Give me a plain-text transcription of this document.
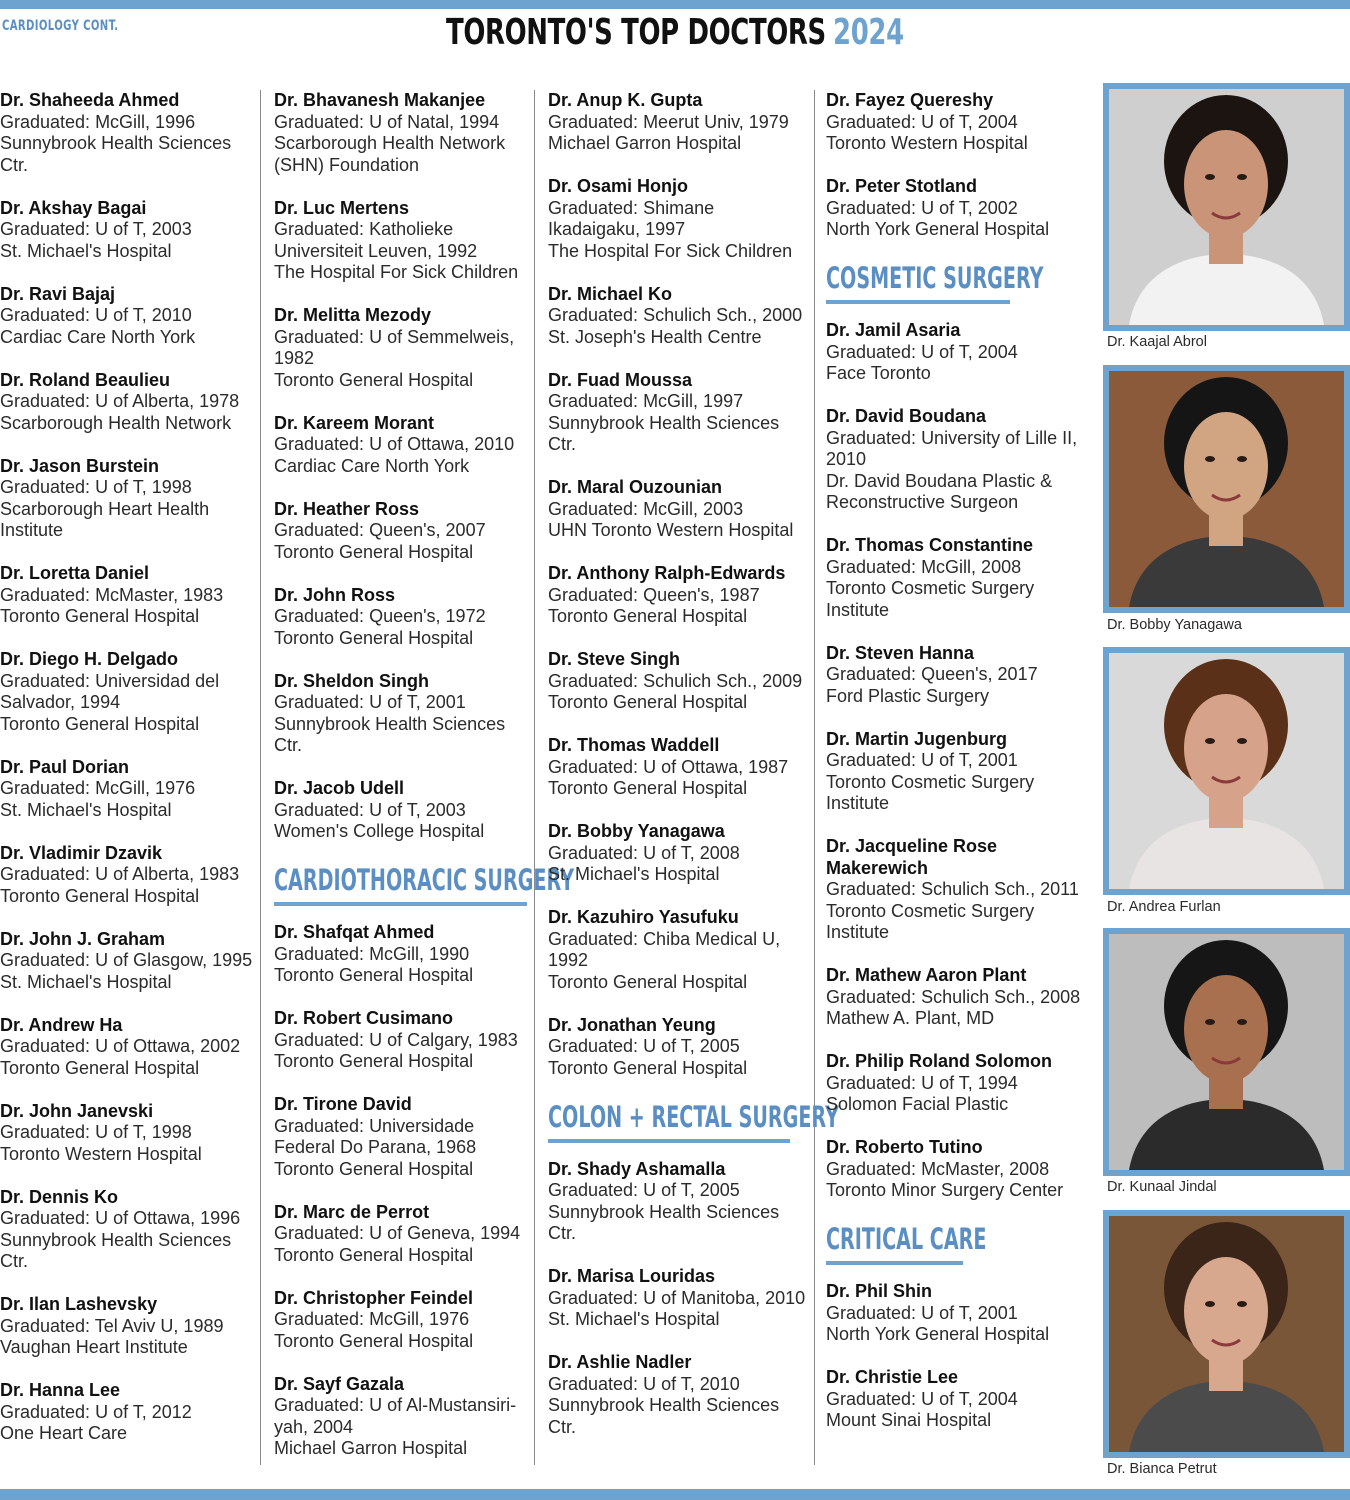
CARDIOLOGY CONT.	TORONTO'S TOP DOCTORS 2024
Dr. Shaheeda Ahmed
Graduated: McGill, 1996
Sunnybrook Health Sciences Ctr.
Dr. Akshay Bagai
Graduated: U of T, 2003
St. Michael's Hospital
Dr. Ravi Bajaj
Graduated: U of T, 2010
Cardiac Care North York
Dr. Roland Beaulieu
Graduated: U of Alberta, 1978
Scarborough Health Network
Dr. Jason Burstein
Graduated: U of T, 1998
Scarborough Heart Health Institute
Dr. Loretta Daniel
Graduated: McMaster, 1983
Toronto General Hospital
Dr. Diego H. Delgado
Graduated: Universidad del Salvador, 1994
Toronto General Hospital
Dr. Paul Dorian
Graduated: McGill, 1976
St. Michael's Hospital
Dr. Vladimir Dzavik
Graduated: U of Alberta, 1983
Toronto General Hospital
Dr. John J. Graham
Graduated: U of Glasgow, 1995
St. Michael's Hospital
Dr. Andrew Ha
Graduated: U of Ottawa, 2002
Toronto General Hospital
Dr. John Janevski
Graduated: U of T, 1998
Toronto Western Hospital
Dr. Dennis Ko
Graduated: U of Ottawa, 1996
Sunnybrook Health Sciences Ctr.
Dr. Ilan Lashevsky
Graduated: Tel Aviv U, 1989
Vaughan Heart Institute
Dr. Hanna Lee
Graduated: U of T, 2012
One Heart Care
Dr. Bhavanesh Makanjee
Graduated: U of Natal, 1994
Scarborough Health Network (SHN) Foundation
Dr. Luc Mertens
Graduated: Katholieke Universiteit Leuven, 1992
The Hospital For Sick Children
Dr. Melitta Mezody
Graduated: U of Semmelweis, 1982
Toronto General Hospital
Dr. Kareem Morant
Graduated: U of Ottawa, 2010
Cardiac Care North York
Dr. Heather Ross
Graduated: Queen's, 2007
Toronto General Hospital
Dr. John Ross
Graduated: Queen's, 1972
Toronto General Hospital
Dr. Sheldon Singh
Graduated: U of T, 2001
Sunnybrook Health Sciences Ctr.
Dr. Jacob Udell
Graduated: U of T, 2003
Women's College Hospital
CARDIOTHORACIC SURGERY
Dr. Shafqat Ahmed
Graduated: McGill, 1990
Toronto General Hospital
Dr. Robert Cusimano
Graduated: U of Calgary, 1983
Toronto General Hospital
Dr. Tirone David
Graduated: Universidade Federal Do Parana, 1968
Toronto General Hospital
Dr. Marc de Perrot
Graduated: U of Geneva, 1994
Toronto General Hospital
Dr. Christopher Feindel
Graduated: McGill, 1976
Toronto General Hospital
Dr. Sayf Gazala
Graduated: U of Al-Mustansiri-yah, 2004
Michael Garron Hospital
Dr. Anup K. Gupta
Graduated: Meerut Univ, 1979
Michael Garron Hospital
Dr. Osami Honjo
Graduated: Shimane Ikadaigaku, 1997
The Hospital For Sick Children
Dr. Michael Ko
Graduated: Schulich Sch., 2000
St. Joseph's Health Centre
Dr. Fuad Moussa
Graduated: McGill, 1997
Sunnybrook Health Sciences Ctr.
Dr. Maral Ouzounian
Graduated: McGill, 2003
UHN Toronto Western Hospital
Dr. Anthony Ralph-Edwards
Graduated: Queen's, 1987
Toronto General Hospital
Dr. Steve Singh
Graduated: Schulich Sch., 2009
Toronto General Hospital
Dr. Thomas Waddell
Graduated: U of Ottawa, 1987
Toronto General Hospital
Dr. Bobby Yanagawa
Graduated: U of T, 2008
St. Michael's Hospital
Dr. Kazuhiro Yasufuku
Graduated: Chiba Medical U, 1992
Toronto General Hospital
Dr. Jonathan Yeung
Graduated: U of T, 2005
Toronto General Hospital
COLON + RECTAL SURGERY
Dr. Shady Ashamalla
Graduated: U of T, 2005
Sunnybrook Health Sciences Ctr.
Dr. Marisa Louridas
Graduated: U of Manitoba, 2010
St. Michael's Hospital
Dr. Ashlie Nadler
Graduated: U of T, 2010
Sunnybrook Health Sciences Ctr.
Dr. Fayez Quereshy
Graduated: U of T, 2004
Toronto Western Hospital
Dr. Peter Stotland
Graduated: U of T, 2002
North York General Hospital
COSMETIC SURGERY
Dr. Jamil Asaria
Graduated: U of T, 2004
Face Toronto
Dr. David Boudana
Graduated: University of Lille II, 2010
Dr. David Boudana Plastic & Reconstructive Surgeon
Dr. Thomas Constantine
Graduated: McGill, 2008
Toronto Cosmetic Surgery Institute
Dr. Steven Hanna
Graduated: Queen's, 2017
Ford Plastic Surgery
Dr. Martin Jugenburg
Graduated: U of T, 2001
Toronto Cosmetic Surgery Institute
Dr. Jacqueline Rose Makerewich
Graduated: Schulich Sch., 2011
Toronto Cosmetic Surgery Institute
Dr. Mathew Aaron Plant
Graduated: Schulich Sch., 2008
Mathew A. Plant, MD
Dr. Philip Roland Solomon
Graduated: U of T, 1994
Solomon Facial Plastic
Dr. Roberto Tutino
Graduated: McMaster, 2008
Toronto Minor Surgery Center
CRITICAL CARE
Dr. Phil Shin
Graduated: U of T, 2001
North York General Hospital
Dr. Christie Lee
Graduated: U of T, 2004
Mount Sinai Hospital
Dr. Kaajal Abrol
Dr. Bobby Yanagawa
Dr. Andrea Furlan
Dr. Kunaal Jindal
Dr. Bianca Petrut
